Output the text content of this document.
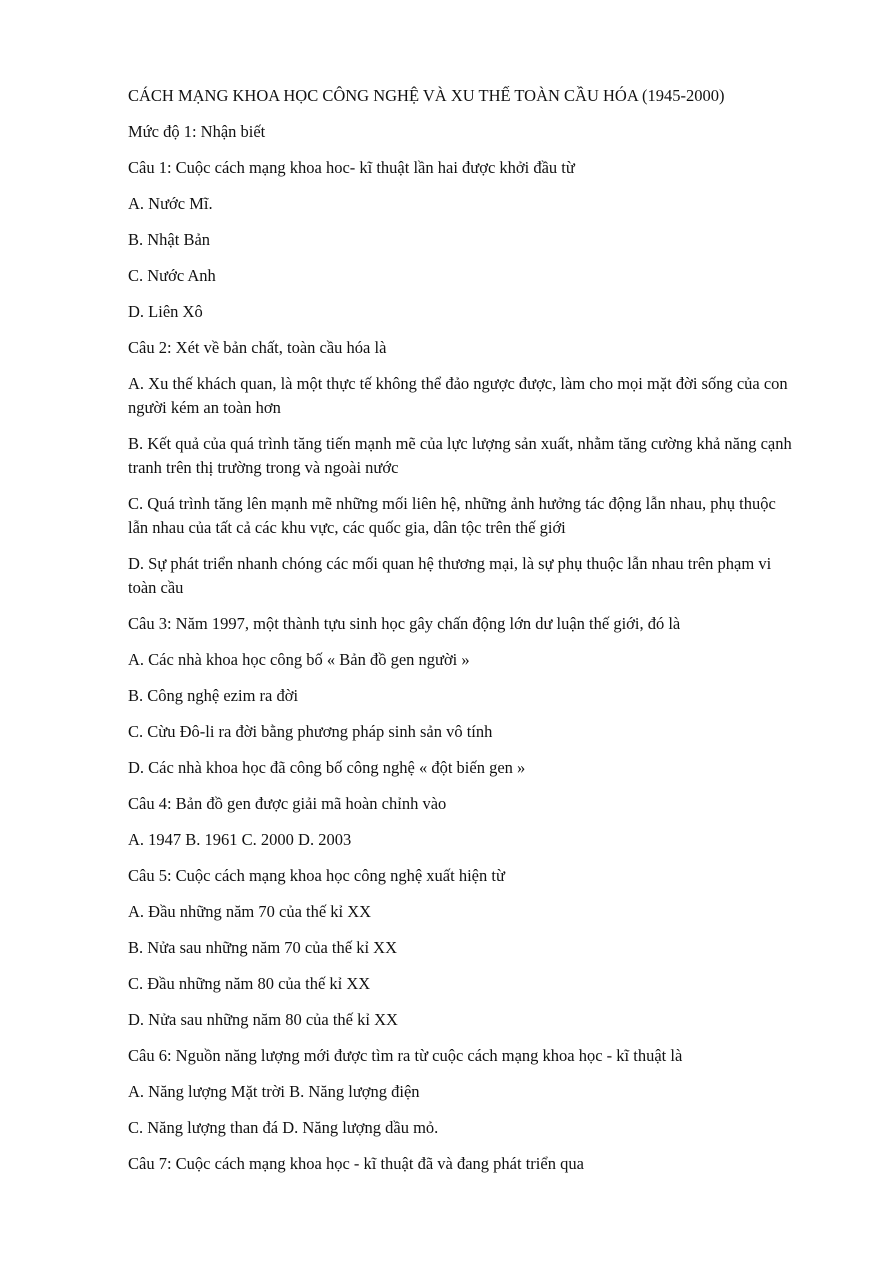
CÁCH MẠNG KHOA HỌC CÔNG NGHỆ VÀ XU THẾ TOÀN CẦU HÓA (1945-2000)

Mức độ 1: Nhận biết

Câu 1: Cuộc cách mạng khoa hoc- kĩ thuật lần hai được khởi đầu từ

A. Nước Mĩ.

B. Nhật Bản

C. Nước Anh

D. Liên Xô

Câu 2: Xét về bản chất, toàn cầu hóa là

A. Xu thế khách quan, là một thực tế không thể đảo ngược được, làm cho mọi mặt đời sống của con người kém an toàn hơn

B. Kết quả của quá trình tăng tiến mạnh mẽ của lực lượng sản xuất, nhằm tăng cường khả năng cạnh tranh trên thị trường trong và ngoài nước

C. Quá trình tăng lên mạnh mẽ những mối liên hệ, những ảnh hưởng tác động lẫn nhau, phụ thuộc lẫn nhau của tất cả các khu vực, các quốc gia, dân tộc trên thế giới

D. Sự phát triển nhanh chóng các mối quan hệ thương mại, là sự phụ thuộc lẫn nhau trên phạm vi toàn cầu

Câu 3: Năm 1997, một thành tựu sinh học gây chấn động lớn dư luận thế giới, đó là

A. Các nhà khoa học công bố « Bản đồ gen người »

B. Công nghệ ezim ra đời

C. Cừu Đô-li ra đời bằng phương pháp sinh sản vô tính

D. Các nhà khoa học đã công bố công nghệ « đột biến gen »

Câu 4: Bản đồ gen được giải mã hoàn chỉnh vào

A. 1947 B. 1961 C. 2000 D. 2003

Câu 5: Cuộc cách mạng khoa học công nghệ xuất hiện từ

A. Đầu những năm 70 của thế kỉ XX

B. Nửa sau những năm 70 của thế kỉ XX

C. Đầu những năm 80 của thế kỉ XX

D. Nửa sau những năm 80 của thế kỉ XX

Câu 6: Nguồn năng lượng mới được tìm ra từ cuộc cách mạng khoa học - kĩ thuật là

A. Năng lượng Mặt trời B. Năng lượng điện

C. Năng lượng than đá D. Năng lượng dầu mỏ.

Câu 7: Cuộc cách mạng khoa học - kĩ thuật đã và đang phát triển qua
